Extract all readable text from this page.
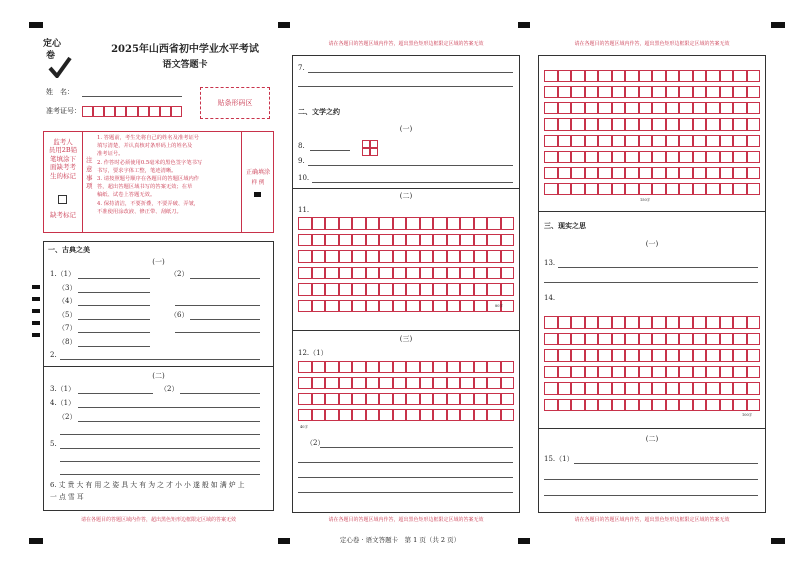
定心
卷
2025年山西省初中学业水平考试
语文答题卡
姓　名：
准考证号：
贴条形码区
监考人
员用2B铅
笔填涂下
面缺考考
生的标记
缺考标记
注
意
事
项
1. 答题前，考生先将自己的姓名及准考证号
填写清楚，并认真核对条形码上的姓名及
准考证号。
2. 作答时必须使用0.5毫米的黑色签字笔书写
书写，要求字体工整，笔迹清晰。
3. 请按照题号顺序在各题目的答题区域内作
答，超出答题区域书写的答案无效；在草
稿纸、试卷上答题无效。
4. 保持清洁，不要折叠，不要弄破、弄皱，
不准使用涂改液、修正带、刮纸刀。
正确填涂
样 例
一、古典之美
(一)
1.（1）	（2）
（3）
（4）
（5）	（6）
（7）
（8）
2.
(二)
3.（1）	（2）
4.（1）
（2）
5.
6. 丈 贵 大 有 用 之 姿 具 大 有 为 之 才 小 小 遂 般 如 满 炉 上
一 点 雪 耳
请在各题目的答题区域内作答，超出黑色矩形边框限定区域的答案无效
请在各题目的答题区域内作答，超出黑色矩形边框限定区域的答案无效
7.
二、文学之约
(一)
8.
9.
10.
(二)
11.
80字
(三)
12.（1）
40字
（2）
请在各题目的答题区域内作答，超出黑色矩形边框限定区域的答案无效
请在各题目的答题区域内作答，超出黑色矩形边框限定区域的答案无效
150字
三、现实之思
(一)
13.
14.
100字
(二)
15.（1）
请在各题目的答题区域内作答，超出黑色矩形边框限定区域的答案无效
定心卷 · 语文答题卡　第 1 页（共 2 页）
